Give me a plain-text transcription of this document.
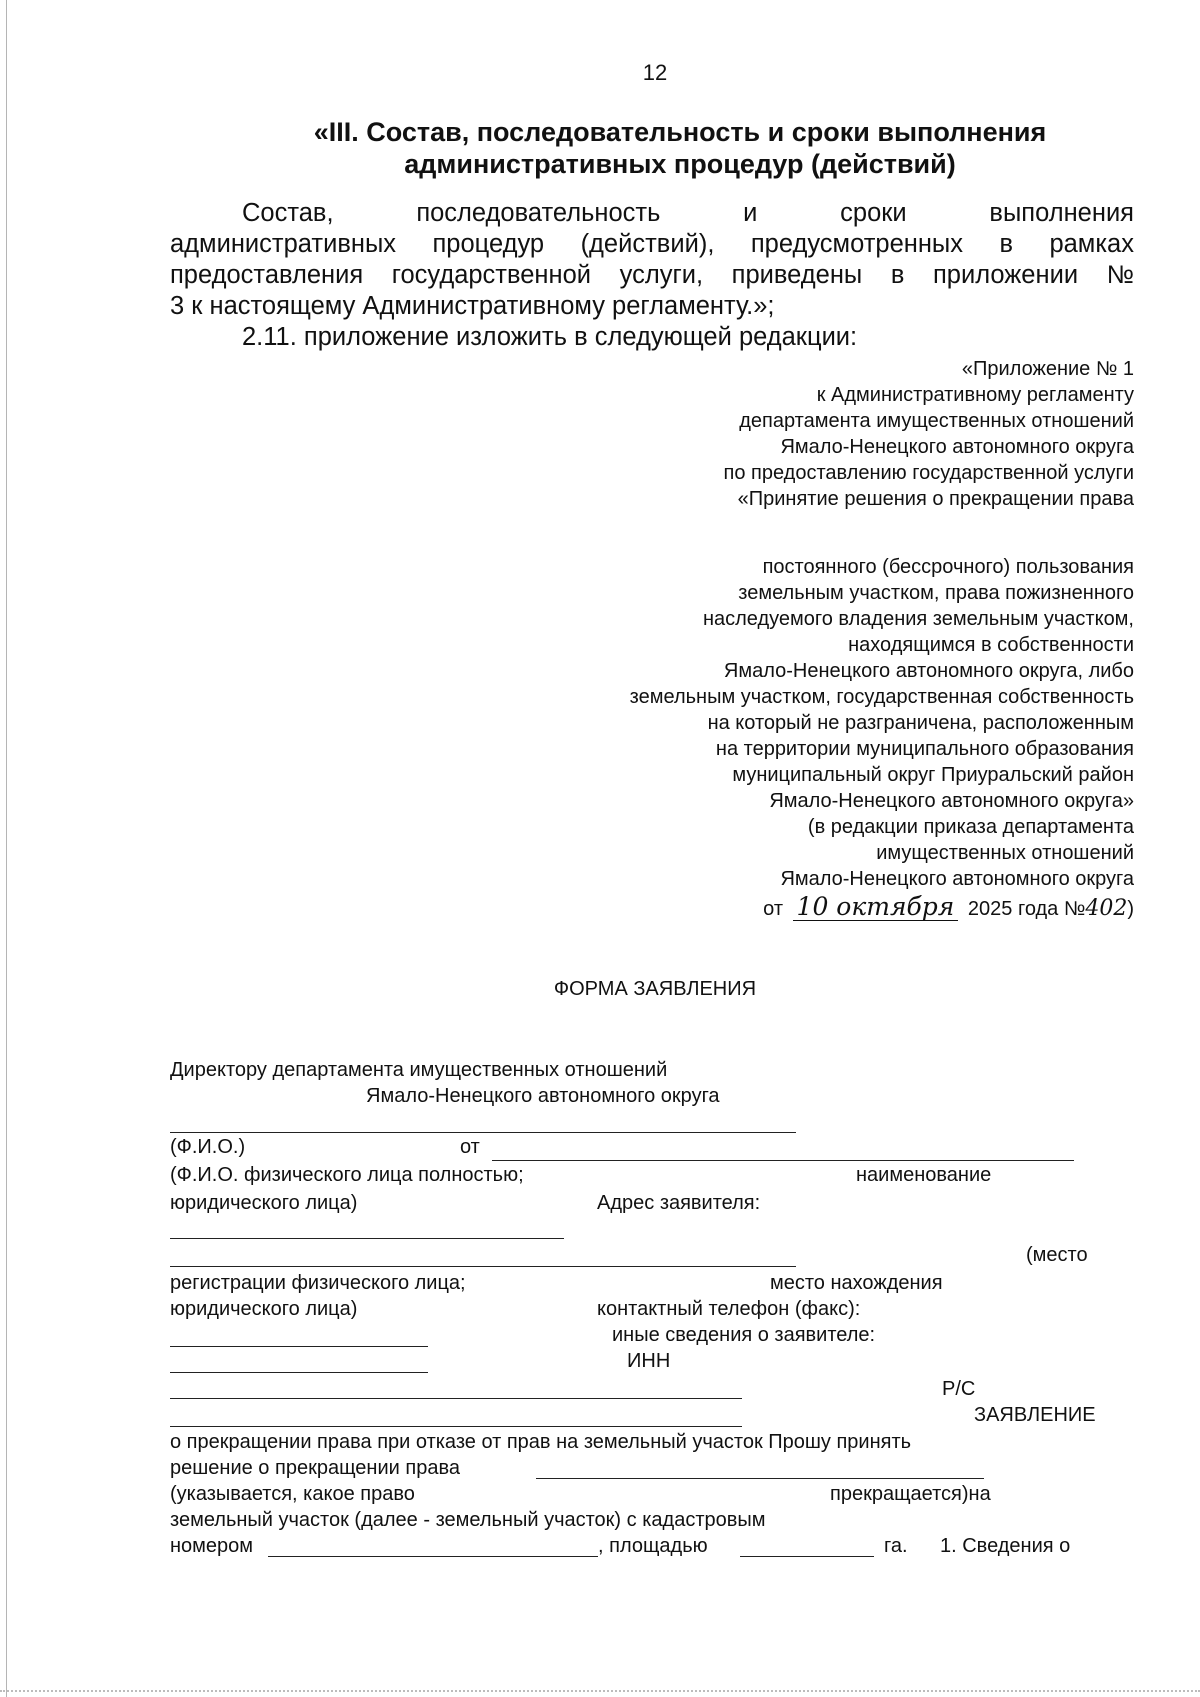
12
«III. Состав, последовательность и сроки выполнения
административных процедур (действий)
Состав, последовательность и сроки выполнения
административных процедур (действий), предусмотренных в рамках
предоставления государственной услуги, приведены в приложении №
3 к настоящему Административному регламенту.»;
2.11. приложение изложить в следующей редакции:
«Приложение № 1
к Административному регламенту
департамента имущественных отношений
Ямало-Ненецкого автономного округа
по предоставлению государственной услуги
«Принятие решения о прекращении права
постоянного (бессрочного) пользования
земельным участком, права пожизненного
наследуемого владения земельным участком,
находящимся в собственности
Ямало-Ненецкого автономного округа, либо
земельным участком, государственная собственность
на который не разграничена, расположенным
на территории муниципального образования
муниципальный округ Приуральский район
Ямало-Ненецкого автономного округа»
(в редакции приказа департамента
имущественных отношений
Ямало-Ненецкого автономного округа
от 10 октября 2025 года №402)
ФОРМА ЗАЯВЛЕНИЯ
Директору департамента имущественных отношений
Ямало-Ненецкого автономного округа
(Ф.И.О.)	от
(Ф.И.О. физического лица полностью;	наименование
юридического лица)	Адрес заявителя:
(место
регистрации физического лица;	место нахождения
юридического лица)	контактный телефон (факс):
иные сведения о заявителе:
ИНН
Р/С
ЗАЯВЛЕНИЕ
о прекращении права при отказе от прав на земельный участок Прошу принять
решение о прекращении права
(указывается, какое право	прекращается)на
земельный участок (далее - земельный участок) с кадастровым
номером	, площадью	га. 1. Сведения о
